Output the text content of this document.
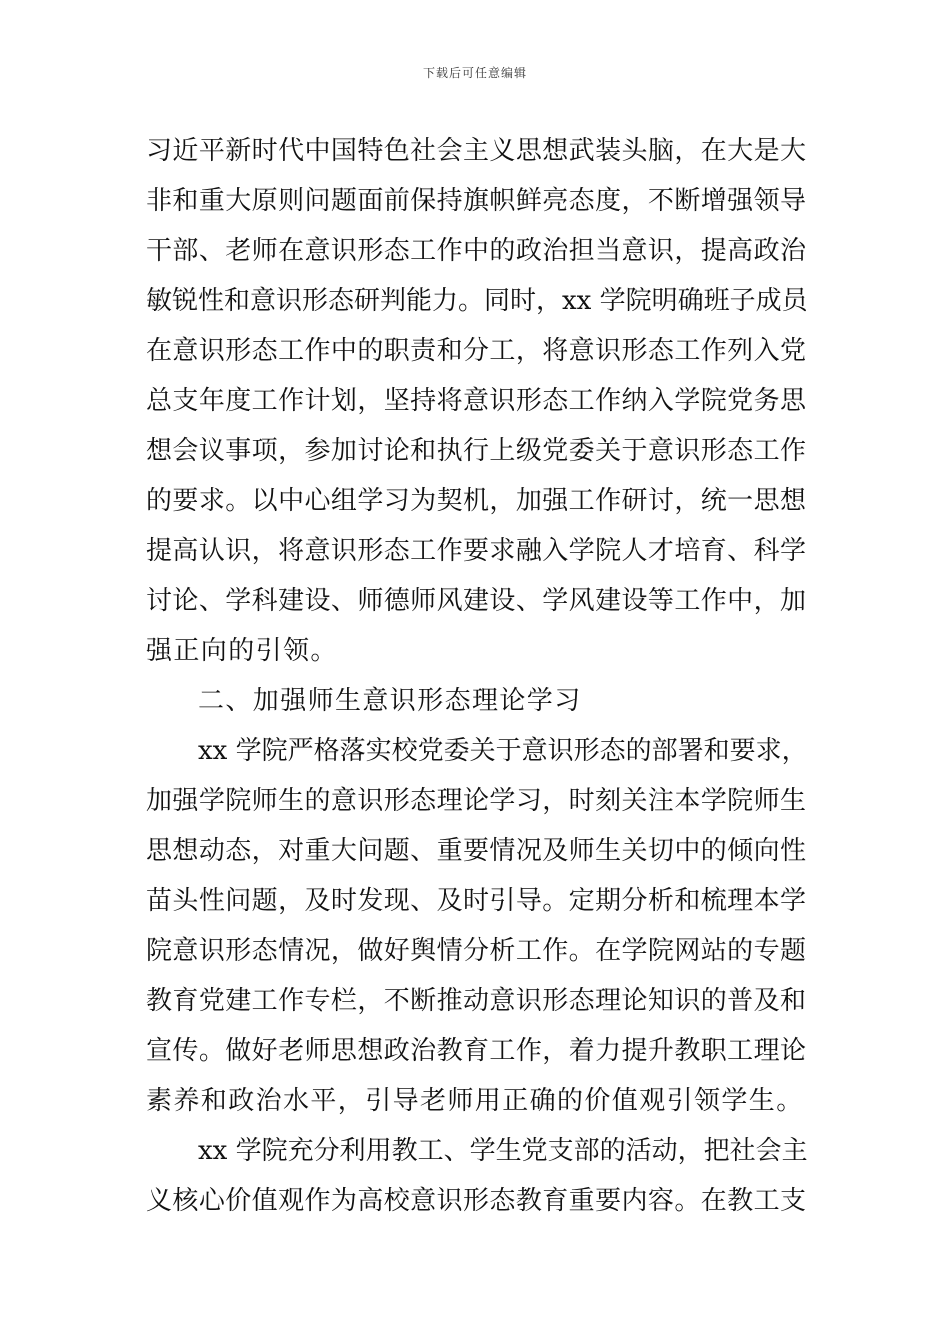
下载后可任意编辑
习近平新时代中国特色社会主义思想武装头脑，在大是大
非和重大原则问题面前保持旗帜鲜亮态度，不断增强领导
干部、老师在意识形态工作中的政治担当意识，提高政治
敏锐性和意识形态研判能力。同时，xx 学院明确班子成员
在意识形态工作中的职责和分工，将意识形态工作列入党
总支年度工作计划，坚持将意识形态工作纳入学院党务思
想会议事项，参加讨论和执行上级党委关于意识形态工作
的要求。以中心组学习为契机，加强工作研讨，统一思想
提高认识，将意识形态工作要求融入学院人才培育、科学
讨论、学科建设、师德师风建设、学风建设等工作中，加
强正向的引领。
二、加强师生意识形态理论学习
xx 学院严格落实校党委关于意识形态的部署和要求，
加强学院师生的意识形态理论学习，时刻关注本学院师生
思想动态，对重大问题、重要情况及师生关切中的倾向性
苗头性问题，及时发现、及时引导。定期分析和梳理本学
院意识形态情况，做好舆情分析工作。在学院网站的专题
教育党建工作专栏，不断推动意识形态理论知识的普及和
宣传。做好老师思想政治教育工作，着力提升教职工理论
素养和政治水平，引导老师用正确的价值观引领学生。
xx 学院充分利用教工、学生党支部的活动，把社会主
义核心价值观作为高校意识形态教育重要内容。在教工支
